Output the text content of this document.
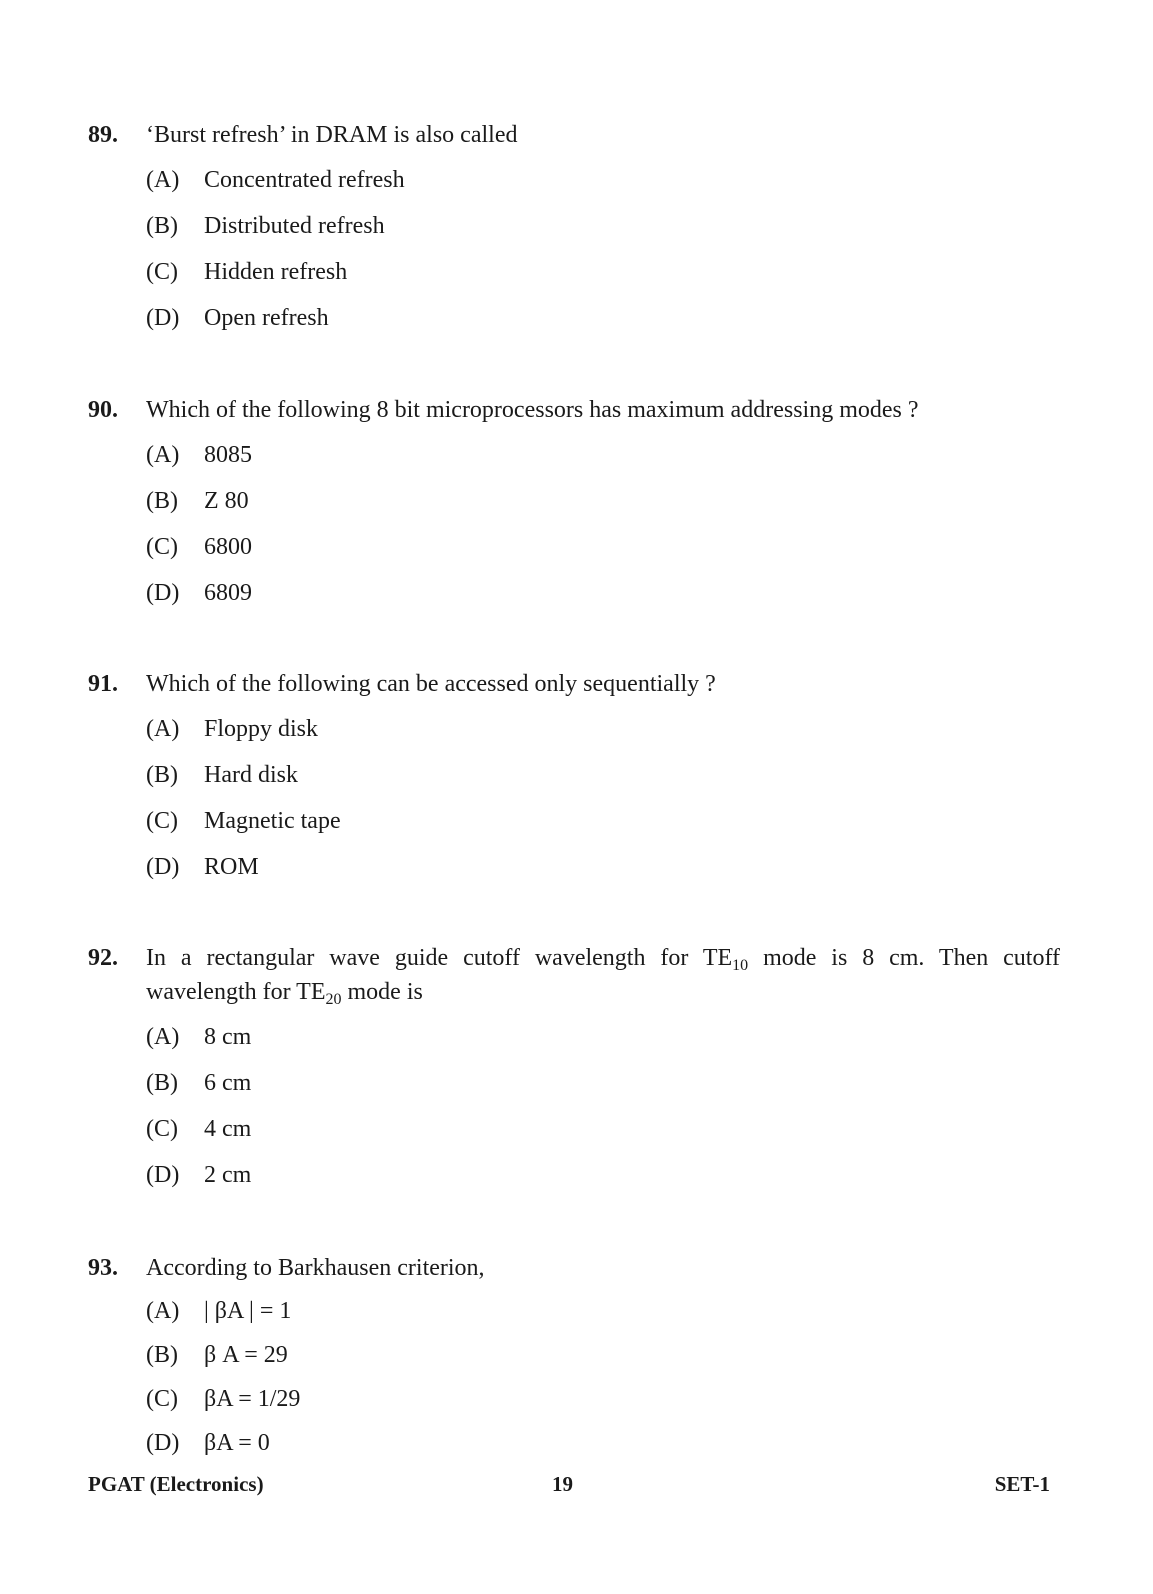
89. ‘Burst refresh’ in DRAM is also called
(A) Concentrated refresh
(B) Distributed refresh
(C) Hidden refresh
(D) Open refresh
90. Which of the following 8 bit microprocessors has maximum addressing modes ?
(A) 8085
(B) Z 80
(C) 6800
(D) 6809
91. Which of the following can be accessed only sequentially ?
(A) Floppy disk
(B) Hard disk
(C) Magnetic tape
(D) ROM
92. In a rectangular wave guide cutoff wavelength for $TE_{10}$ mode is 8 cm. Then cutoff
wavelength for $TE_{20}$ mode is
(A) 8 cm
(B) 6 cm
(C) 4 cm
(D) 2 cm
93. According to Barkhausen criterion,
(A) | βA | = 1
(B) β A = 29
(C) βA = 1/29
(D) βA = 0
PGAT (Electronics)	19	SET-1
